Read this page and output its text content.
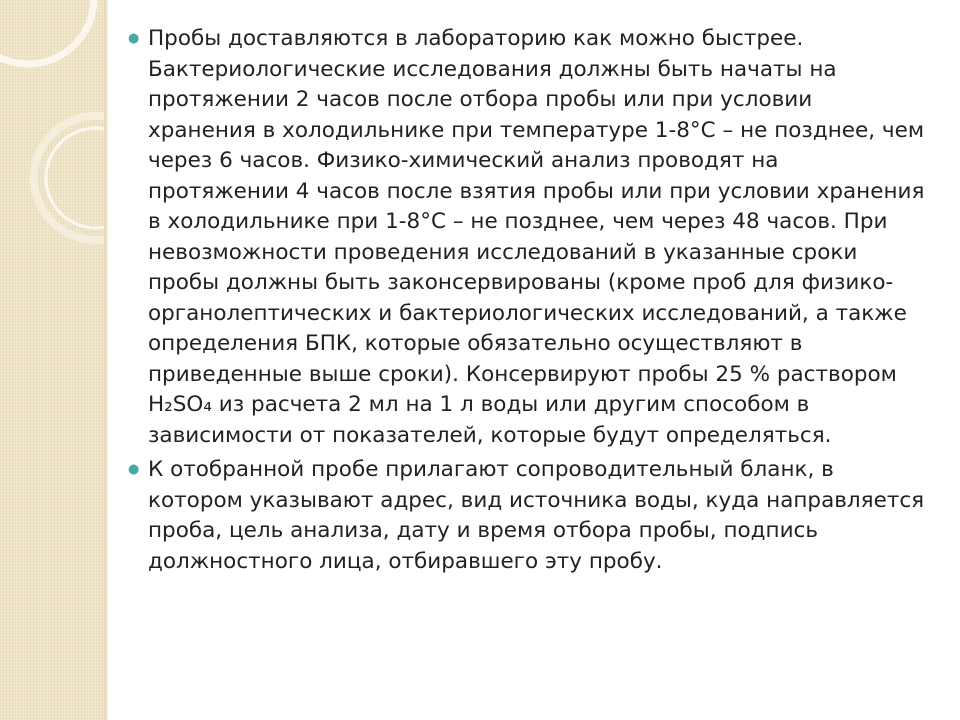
● Пробы доставляются в лабораторию как можно быстрее. Бактериологические исследования должны быть начаты на протяжении 2 часов после отбора пробы или при условии хранения в холодильнике при температуре 1-8°С – не позднее, чем через 6 часов. Физико-химический анализ проводят на протяжении 4 часов после взятия пробы или при условии хранения в холодильнике при 1-8°С – не позднее, чем через 48 часов. При невозможности проведения исследований в указанные сроки пробы должны быть законсервированы (кроме проб для физико-органолептических и бактериологических исследований, а также определения БПК, которые обязательно осуществляют в приведенные выше сроки). Консервируют пробы 25 % раствором H₂SO₄ из расчета 2 мл на 1 л воды или другим способом в зависимости от показателей, которые будут определяться.

● К отобранной пробе прилагают сопроводительный бланк, в котором указывают адрес, вид источника воды, куда направляется проба, цель анализа, дату и время отбора пробы, подпись должностного лица, отбиравшего эту пробу.
